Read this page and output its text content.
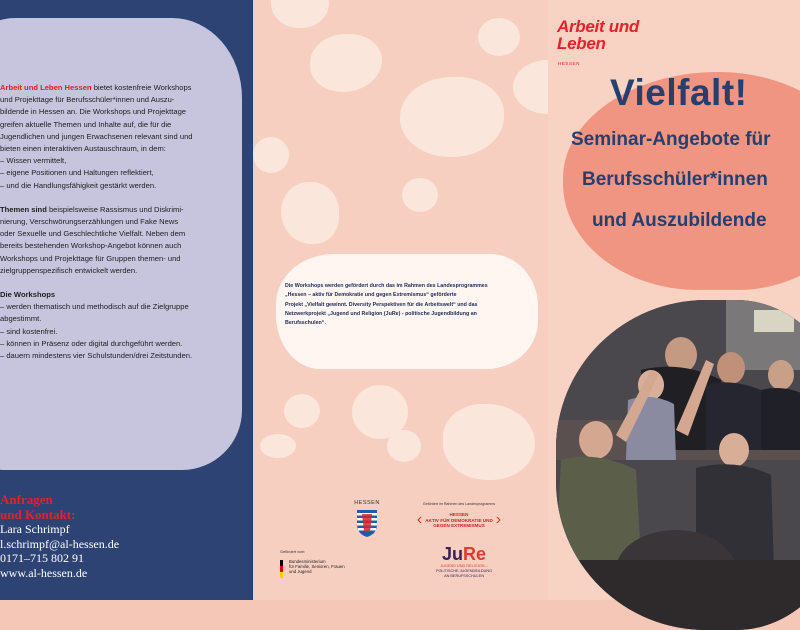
Arbeit und Leben Hessen bietet kostenfreie Workshops

und Projekttage für Berufsschüler*innen und Auszu-

bildende in Hessen an. Die Workshops und Projekttage

greifen aktuelle Themen und Inhalte auf, die für die

Jugendlichen und jungen Erwachsenen relevant sind und

bieten einen interaktiven Austauschraum, in dem:

– Wissen vermittelt,

– eigene Positionen und Haltungen reflektiert,

– und die Handlungsfähigkeit gestärkt werden.

Themen sind beispielsweise Rassismus und Diskrimi-

nierung, Verschwörungserzählungen und Fake News

oder Sexuelle und Geschlechtliche Vielfalt. Neben dem

bereits bestehenden Workshop-Angebot können auch

Workshops und Projekttage für Gruppen themen- und

zielgruppenspezifisch entwickelt werden.

Die Workshops

– werden thematisch und methodisch auf die Zielgruppe

abgestimmt.

– sind kostenfrei.

– können in Präsenz oder digital durchgeführt werden.

– dauern mindestens vier Schulstunden/drei Zeitstunden.

Anfragen
und Kontakt:
Lara Schrimpf
l.schrimpf@al-hessen.de
0171–715 802 91
www.al-hessen.de

Die Workshops werden gefördert durch das im Rahmen des Landesprogrammes

„Hessen – aktiv für Demokratie und gegen Extremismus“ geförderte

Projekt „Vielfalt gewinnt. Diversity Perspektiven für die Arbeitswelt“ und das

Netzwerkprojekt „Jugend und Religion (JuRe) - politische Jugendbildung an

Berufsschulen“.

HESSEN
Gefördert vom:
Bundesministerium
für Familie, Senioren, Frauen
und Jugend
Gefördert im Rahmen des Landesprogramms
‹	HESSEN
AKTIV FÜR DEMOKRATIE UND
GEGEN EXTREMISMUS ›
JuRe
JUGEND UND RELIGION –
POLITISCHE JUGENDBILDUNG
AN BERUFSSCHULEN
Arbeit und
Leben
HESSEN
Vielfalt!
Seminar-Angebote für
Berufsschüler*innen
und Auszubildende
